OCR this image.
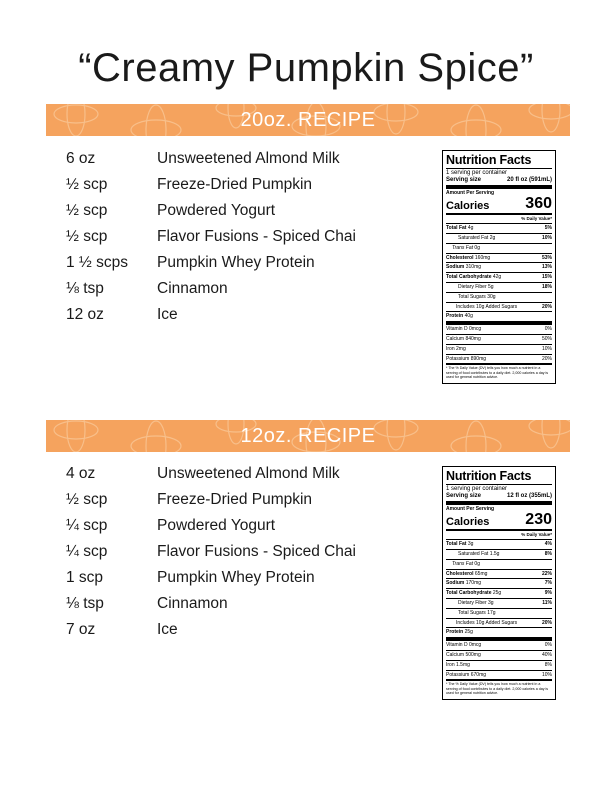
“Creamy Pumpkin Spice”
20oz. RECIPE
6 oz	Unsweetened Almond Milk
½ scp	Freeze-Dried Pumpkin
½ scp	Powdered Yogurt
½ scp	Flavor Fusions - Spiced Chai
1 ½ scps Pumpkin Whey Protein
⅛ tsp	Cinnamon
12 oz	Ice
Nutrition Facts
1 serving per container
Serving size	20 fl oz (591mL)
Amount Per Serving
Calories 360
% Daily Value*
Total Fat 4g	5%
Saturated Fat 2g	10%
Trans Fat 0g
Cholesterol 160mg	53%
Sodium 310mg	13%
Total Carbohydrate 42g	15%
Dietary Fiber 5g	18%
Total Sugars 30g
Includes 10g Added Sugars	20%
Protein 40g
Vitamin D 0mcg	0%
Calcium 840mg	50%
Iron 2mg	10%
Potassium 890mg	20%
* The % Daily Value (DV) tells you how much a nutrient in a serving of food contributes to a daily diet. 2,000 calories a day is used for general nutrition advice.
12oz. RECIPE
4 oz	Unsweetened Almond Milk
½ scp	Freeze-Dried Pumpkin
¼ scp	Powdered Yogurt
¼ scp	Flavor Fusions - Spiced Chai
1 scp	Pumpkin Whey Protein
⅛ tsp	Cinnamon
7 oz	Ice
Nutrition Facts
1 serving per container
Serving size	12 fl oz (355mL)
Amount Per Serving
Calories 230
% Daily Value*
Total Fat 3g	4%
Saturated Fat 1.5g	8%
Trans Fat 0g
Cholesterol 65mg	22%
Sodium 170mg	7%
Total Carbohydrate 25g	9%
Dietary Fiber 3g	11%
Total Sugars 17g
Includes 10g Added Sugars	20%
Protein 25g
Vitamin D 0mcg	0%
Calcium 500mg	40%
Iron 1.5mg	8%
Potassium 670mg	10%
* The % Daily Value (DV) tells you how much a nutrient in a serving of food contributes to a daily diet. 2,000 calories a day is used for general nutrition advice.
